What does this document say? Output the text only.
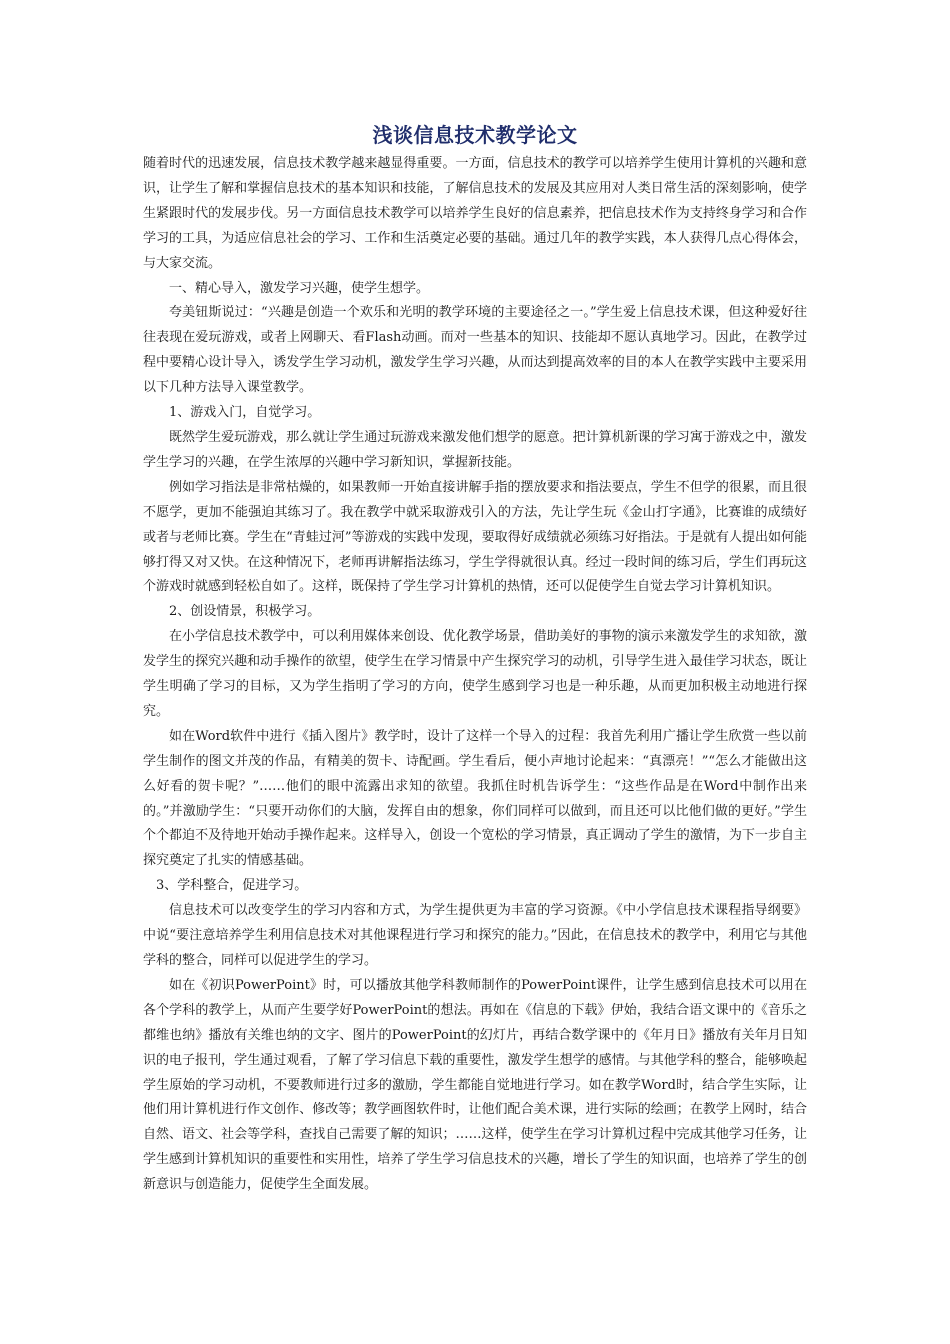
浅谈信息技术教学论文

随着时代的迅速发展，信息技术教学越来越显得重要。一方面，信息技术的教学可以培养学生使用计算机的兴趣和意识，让学生了解和掌握信息技术的基本知识和技能，了解信息技术的发展及其应用对人类日常生活的深刻影响，使学生紧跟时代的发展步伐。另一方面信息技术教学可以培养学生良好的信息素养，把信息技术作为支持终身学习和合作学习的工具，为适应信息社会的学习、工作和生活奠定必要的基础。通过几年的教学实践，本人获得几点心得体会，与大家交流。

一、精心导入，激发学习兴趣，使学生想学。

夸美钮斯说过：“兴趣是创造一个欢乐和光明的教学环境的主要途径之一。”学生爱上信息技术课，但这种爱好往往表现在爱玩游戏，或者上网聊天、看Flash动画。而对一些基本的知识、技能却不愿认真地学习。因此，在教学过程中要精心设计导入，诱发学生学习动机，激发学生学习兴趣，从而达到提高效率的目的本人在教学实践中主要采用以下几种方法导入课堂教学。

1、游戏入门，自觉学习。

既然学生爱玩游戏，那么就让学生通过玩游戏来激发他们想学的愿意。把计算机新课的学习寓于游戏之中，激发学生学习的兴趣，在学生浓厚的兴趣中学习新知识，掌握新技能。

例如学习指法是非常枯燥的，如果教师一开始直接讲解手指的摆放要求和指法要点，学生不但学的很累，而且很不愿学，更加不能强迫其练习了。我在教学中就采取游戏引入的方法，先让学生玩《金山打字通》，比赛谁的成绩好或者与老师比赛。学生在“青蛙过河”等游戏的实践中发现，要取得好成绩就必须练习好指法。于是就有人提出如何能够打得又对又快。在这种情况下，老师再讲解指法练习，学生学得就很认真。经过一段时间的练习后，学生们再玩这个游戏时就感到轻松自如了。这样，既保持了学生学习计算机的热情，还可以促使学生自觉去学习计算机知识。

2、创设情景，积极学习。

在小学信息技术教学中，可以利用媒体来创设、优化教学场景，借助美好的事物的演示来激发学生的求知欲，激发学生的探究兴趣和动手操作的欲望，使学生在学习情景中产生探究学习的动机，引导学生进入最佳学习状态，既让学生明确了学习的目标，又为学生指明了学习的方向，使学生感到学习也是一种乐趣，从而更加积极主动地进行探究。

如在Word软件中进行《插入图片》教学时，设计了这样一个导入的过程：我首先利用广播让学生欣赏一些以前学生制作的图文并茂的作品，有精美的贺卡、诗配画。学生看后，便小声地讨论起来：“真漂亮！”“怎么才能做出这么好看的贺卡呢？”……他们的眼中流露出求知的欲望。我抓住时机告诉学生：“这些作品是在Word中制作出来的。”并激励学生：“只要开动你们的大脑，发挥自由的想象，你们同样可以做到，而且还可以比他们做的更好。”学生个个都迫不及待地开始动手操作起来。这样导入，创设一个宽松的学习情景，真正调动了学生的激情，为下一步自主探究奠定了扎实的情感基础。

3、学科整合，促进学习。

信息技术可以改变学生的学习内容和方式，为学生提供更为丰富的学习资源。《中小学信息技术课程指导纲要》中说“要注意培养学生利用信息技术对其他课程进行学习和探究的能力。”因此，在信息技术的教学中，利用它与其他学科的整合，同样可以促进学生的学习。

如在《初识PowerPoint》时，可以播放其他学科教师制作的PowerPoint课件，让学生感到信息技术可以用在各个学科的教学上，从而产生要学好PowerPoint的想法。再如在《信息的下载》伊始，我结合语文课中的《音乐之都维也纳》播放有关维也纳的文字、图片的PowerPoint的幻灯片，再结合数学课中的《年月日》播放有关年月日知识的电子报刊，学生通过观看，了解了学习信息下载的重要性，激发学生想学的感情。与其他学科的整合，能够唤起学生原始的学习动机，不要教师进行过多的激励，学生都能自觉地进行学习。如在教学Word时，结合学生实际，让他们用计算机进行作文创作、修改等；教学画图软件时，让他们配合美术课，进行实际的绘画；在教学上网时，结合自然、语文、社会等学科，查找自己需要了解的知识；……这样，使学生在学习计算机过程中完成其他学习任务，让学生感到计算机知识的重要性和实用性，培养了学生学习信息技术的兴趣，增长了学生的知识面，也培养了学生的创新意识与创造能力，促使学生全面发展。
